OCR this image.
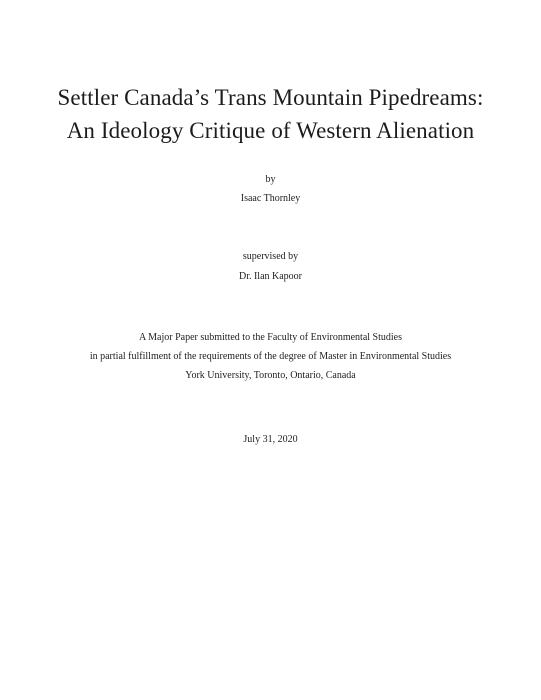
Settler Canada’s Trans Mountain Pipedreams:
An Ideology Critique of Western Alienation
by
Isaac Thornley
supervised by
Dr. Ilan Kapoor
A Major Paper submitted to the Faculty of Environmental Studies
in partial fulfillment of the requirements of the degree of Master in Environmental Studies
York University, Toronto, Ontario, Canada
July 31, 2020
